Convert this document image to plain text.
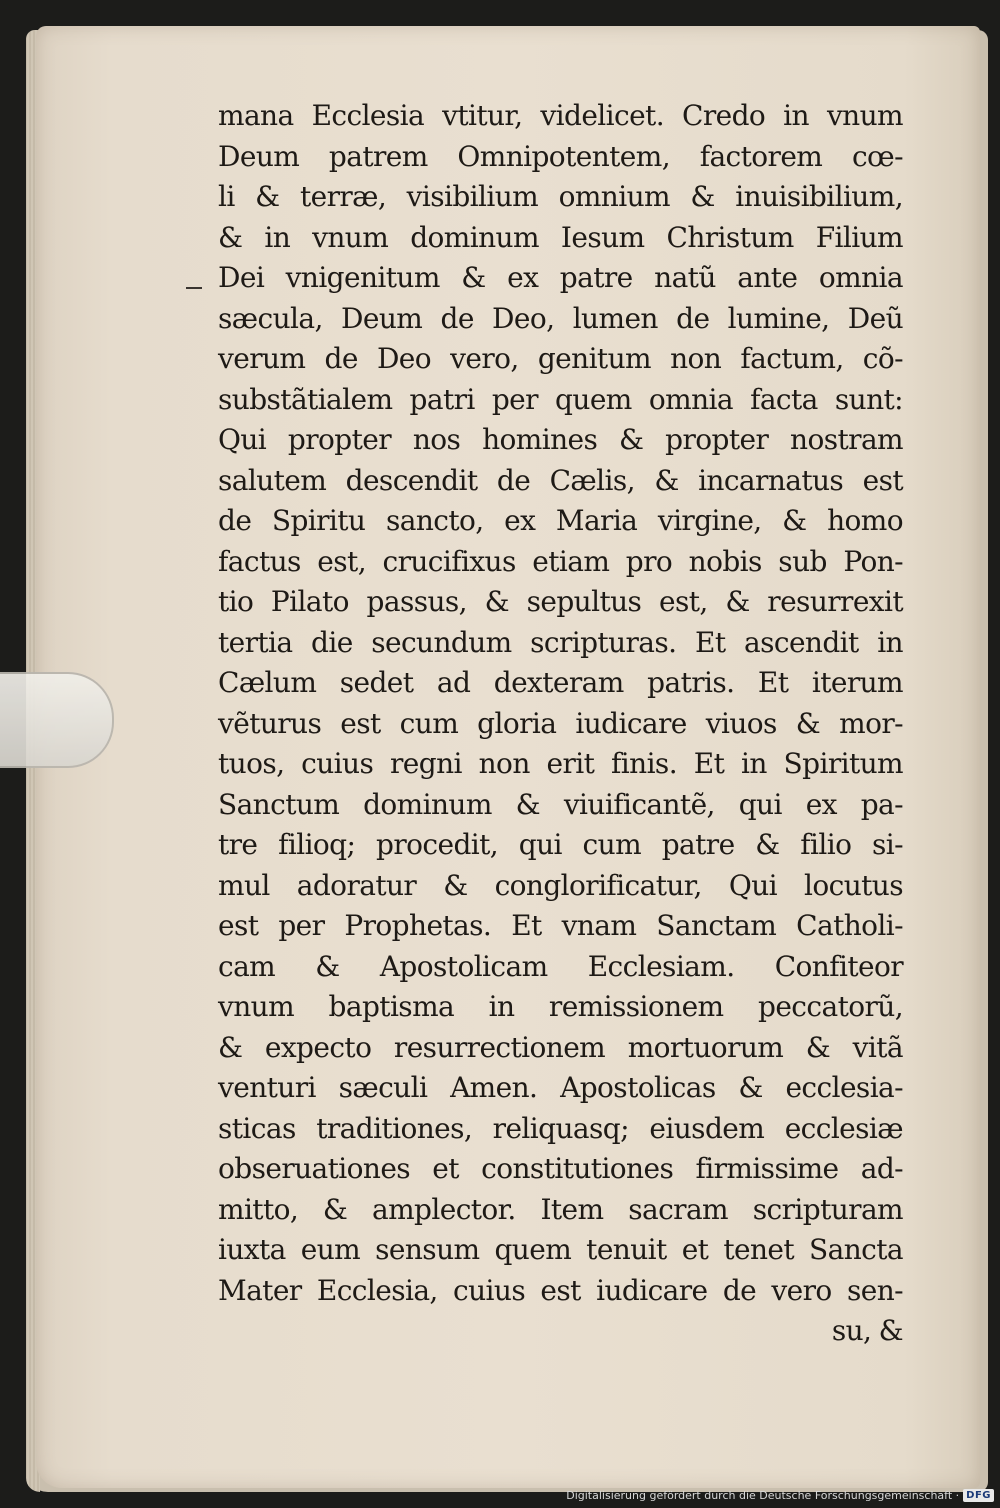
mana Ecclesia vtitur, videlicet. Credo in vnum
Deum patrem Omnipotentem, factorem cœ-
li & terræ, visibilium omnium & inuisibilium,
& in vnum dominum Iesum Christum Filium
Dei vnigenitum & ex patre natũ ante omnia
sæcula, Deum de Deo, lumen de lumine, Deũ
verum de Deo vero, genitum non factum, cõ-
substãtialem patri per quem omnia facta sunt:
Qui propter nos homines & propter nostram
salutem descendit de Cælis, & incarnatus est
de Spiritu sancto, ex Maria virgine, & homo
factus est, crucifixus etiam pro nobis sub Pon-
tio Pilato passus, & sepultus est, & resurrexit
tertia die secundum scripturas. Et ascendit in
Cælum sedet ad dexteram patris. Et iterum
vẽturus est cum gloria iudicare viuos & mor-
tuos, cuius regni non erit finis. Et in Spiritum
Sanctum dominum & viuificantẽ, qui ex pa-
tre filioq; procedit, qui cum patre & filio si-
mul adoratur & conglorificatur, Qui locutus
est per Prophetas. Et vnam Sanctam Catholi-
cam & Apostolicam Ecclesiam. Confiteor
vnum baptisma in remissionem peccatorũ,
& expecto resurrectionem mortuorum & vitã
venturi sæculi Amen. Apostolicas & ecclesia-
sticas traditiones, reliquasq; eiusdem ecclesiæ
obseruationes et constitutiones firmissime ad-
mitto, & amplector. Item sacram scripturam
iuxta eum sensum quem tenuit et tenet Sancta
Mater Ecclesia, cuius est iudicare de vero sen-
su, &
Digitalisierung gefördert durch die Deutsche Forschungsgemeinschaft · DFG
